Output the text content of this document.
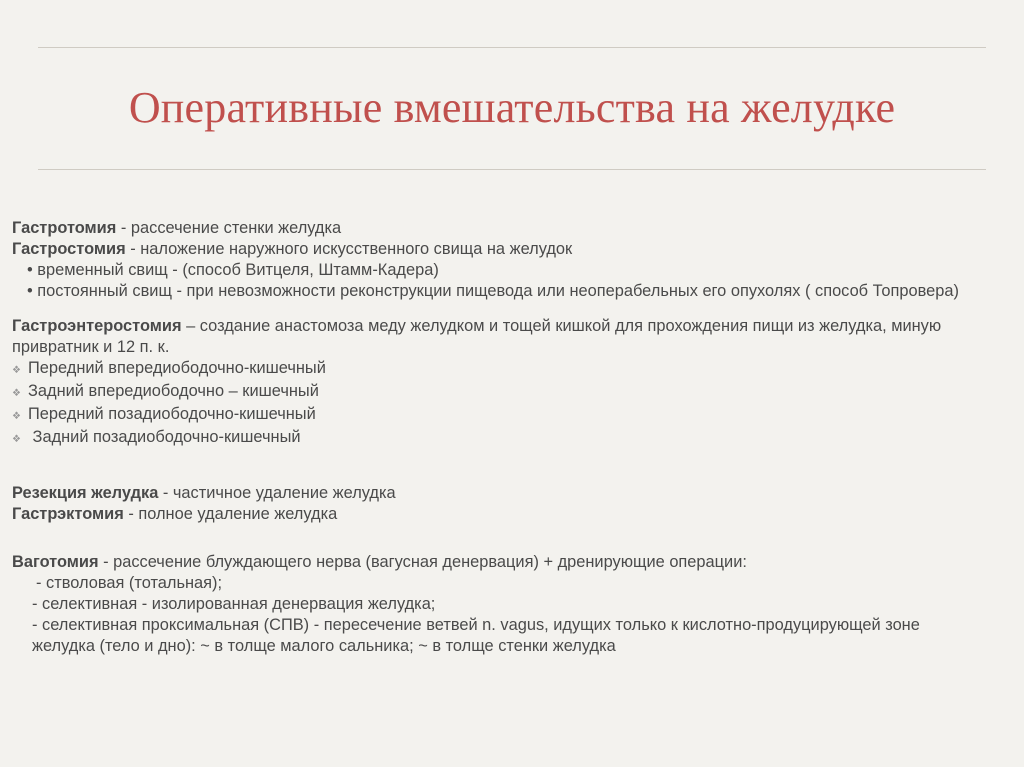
Оперативные вмешательства на желудке
Гастротомия - рассечение стенки желудка
Гастростомия - наложение наружного искусственного свища на желудок
• временный свищ - (способ Витцеля, Штамм-Кадера)
• постоянный свищ - при невозможности реконструкции пищевода или неоперабельных его опухолях ( способ Топровера)
Гастроэнтеростомия – создание анастомоза меду желудком и тощей кишкой для прохождения пищи из желудка, миную привратник и 12 п. к.
❖ Передний впередиободочно-кишечный
❖ Задний впередиободочно – кишечный
❖ Передний позадиободочно-кишечный
❖ Задний позадиободочно-кишечный
Резекция желудка - частичное удаление желудка
Гастрэктомия - полное удаление желудка
Ваготомия - рассечение блуждающего нерва (вагусная денервация) + дренирующие операции:
- стволовая (тотальная);
- селективная - изолированная денервация желудка;
- селективная проксимальная (СПВ) - пересечение ветвей n. vagus, идущих только к кислотно-продуцирующей зоне желудка (тело и дно): ~ в толще малого сальника; ~ в толще стенки желудка
